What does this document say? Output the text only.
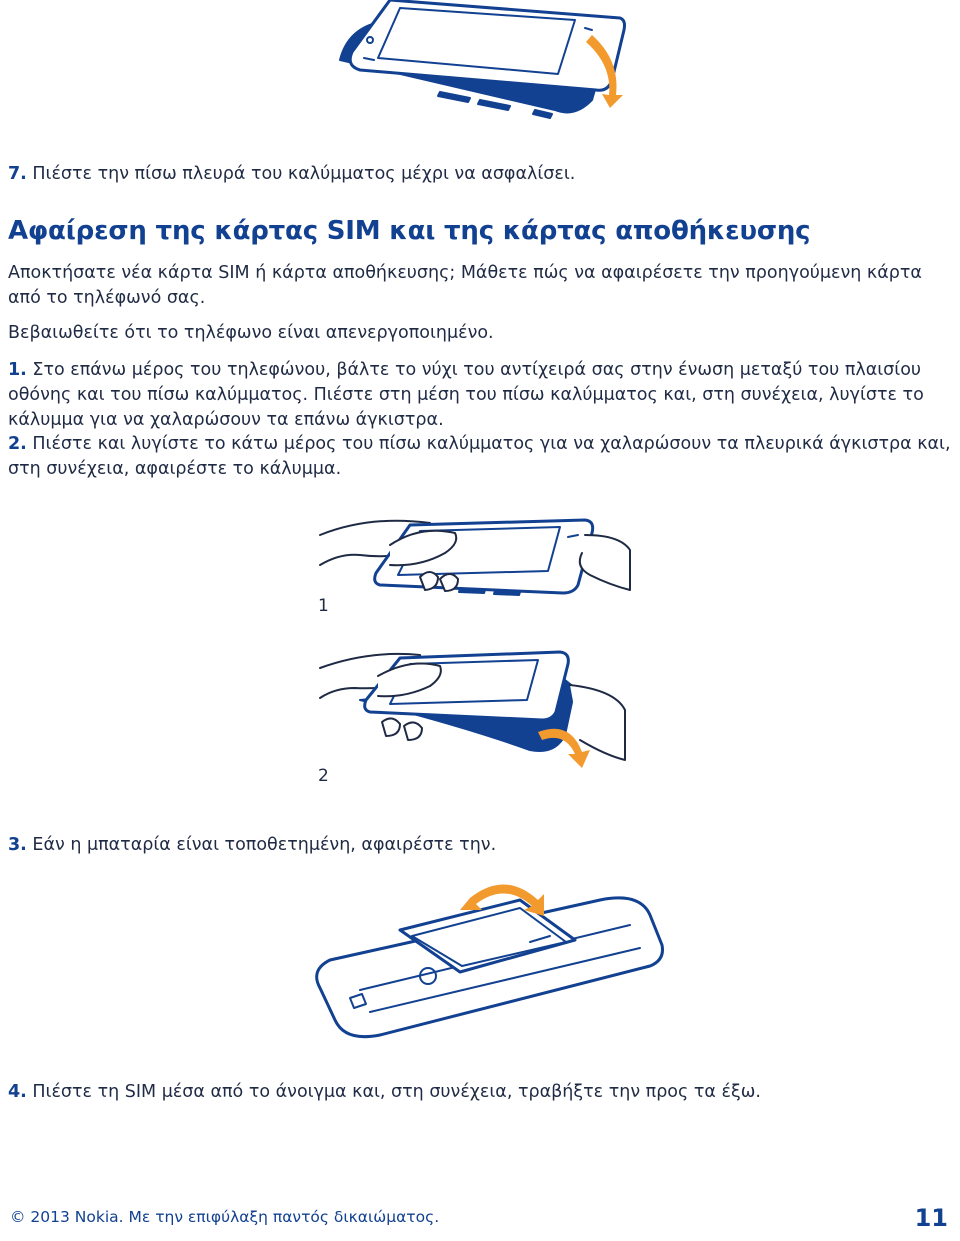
7. Πιέστε την πίσω πλευρά του καλύμματος μέχρι να ασφαλίσει.
Αφαίρεση της κάρτας SIM και της κάρτας αποθήκευσης
Αποκτήσατε νέα κάρτα SIM ή κάρτα αποθήκευσης; Μάθετε πώς να αφαιρέσετε την προηγούμενη κάρτα από το τηλέφωνό σας.
Βεβαιωθείτε ότι το τηλέφωνο είναι απενεργοποιημένο.
1. Στο επάνω μέρος του τηλεφώνου, βάλτε το νύχι του αντίχειρά σας στην ένωση μεταξύ του πλαισίου οθόνης και του πίσω καλύμματος. Πιέστε στη μέση του πίσω καλύμματος και, στη συνέχεια, λυγίστε το κάλυμμα για να χαλαρώσουν τα επάνω άγκιστρα.
2. Πιέστε και λυγίστε το κάτω μέρος του πίσω καλύμματος για να χαλαρώσουν τα πλευρικά άγκιστρα και, στη συνέχεια, αφαιρέστε το κάλυμμα.
1
2
3. Εάν η μπαταρία είναι τοποθετημένη, αφαιρέστε την.
4. Πιέστε τη SIM μέσα από το άνοιγμα και, στη συνέχεια, τραβήξτε την προς τα έξω.
© 2013 Nokia. Με την επιφύλαξη παντός δικαιώματος.	11
